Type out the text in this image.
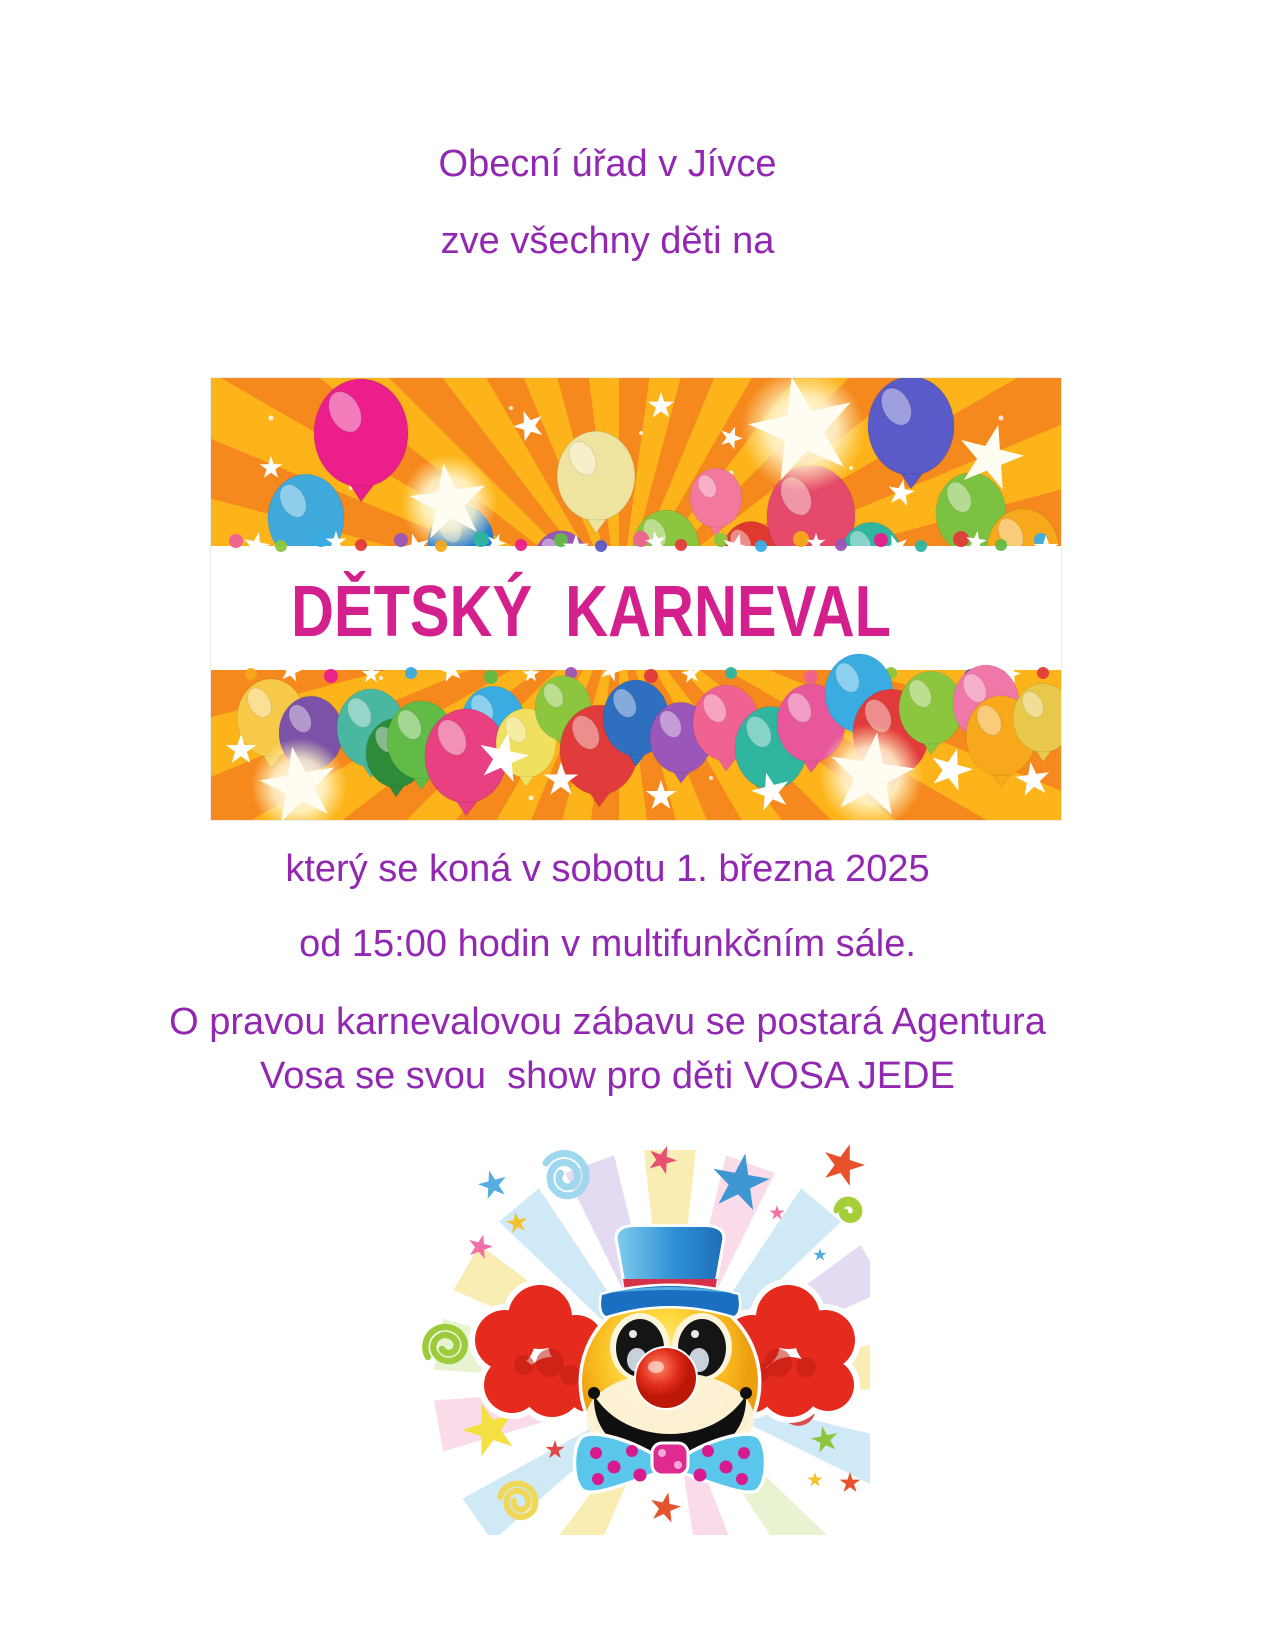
Obecní úřad v Jívce

zve všechny děti na

DĚTSKÝ  KARNEVAL

který se koná v sobotu 1. března 2025

od 15:00 hodin v multifunkčním sále.

O pravou karnevalovou zábavu se postará Agentura

Vosa se svou  show pro děti VOSA JEDE
